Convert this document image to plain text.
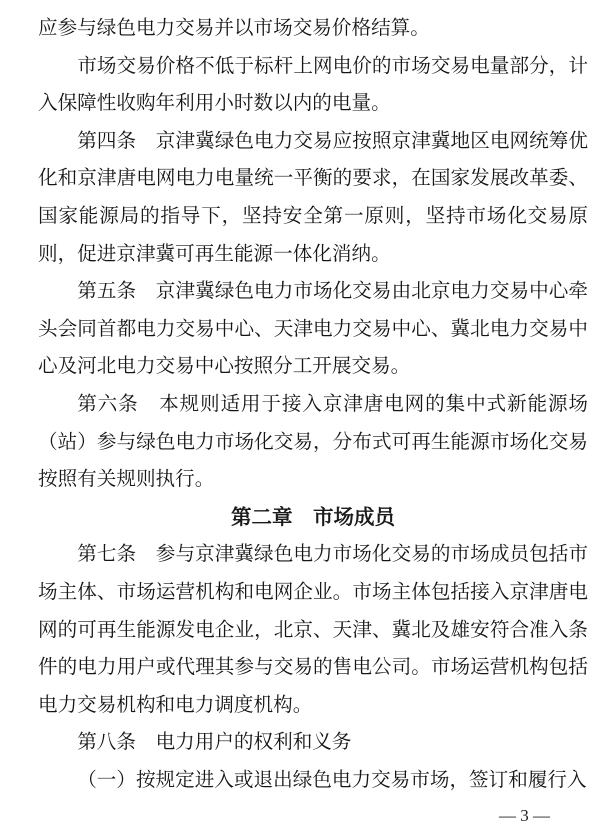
应参与绿色电力交易并以市场交易价格结算。

市场交易价格不低于标杆上网电价的市场交易电量部分，计入保障性收购年利用小时数以内的电量。

第四条 京津冀绿色电力交易应按照京津冀地区电网统筹优化和京津唐电网电力电量统一平衡的要求，在国家发展改革委、国家能源局的指导下，坚持安全第一原则，坚持市场化交易原则，促进京津冀可再生能源一体化消纳。

第五条 京津冀绿色电力市场化交易由北京电力交易中心牵头会同首都电力交易中心、天津电力交易中心、冀北电力交易中心及河北电力交易中心按照分工开展交易。

第六条 本规则适用于接入京津唐电网的集中式新能源场（站）参与绿色电力市场化交易，分布式可再生能源市场化交易按照有关规则执行。

第二章　市场成员

第七条 参与京津冀绿色电力市场化交易的市场成员包括市场主体、市场运营机构和电网企业。市场主体包括接入京津唐电网的可再生能源发电企业，北京、天津、冀北及雄安符合准入条件的电力用户或代理其参与交易的售电公司。市场运营机构包括电力交易机构和电力调度机构。

第八条 电力用户的权利和义务

（一）按规定进入或退出绿色电力交易市场，签订和履行入

— 3 —
